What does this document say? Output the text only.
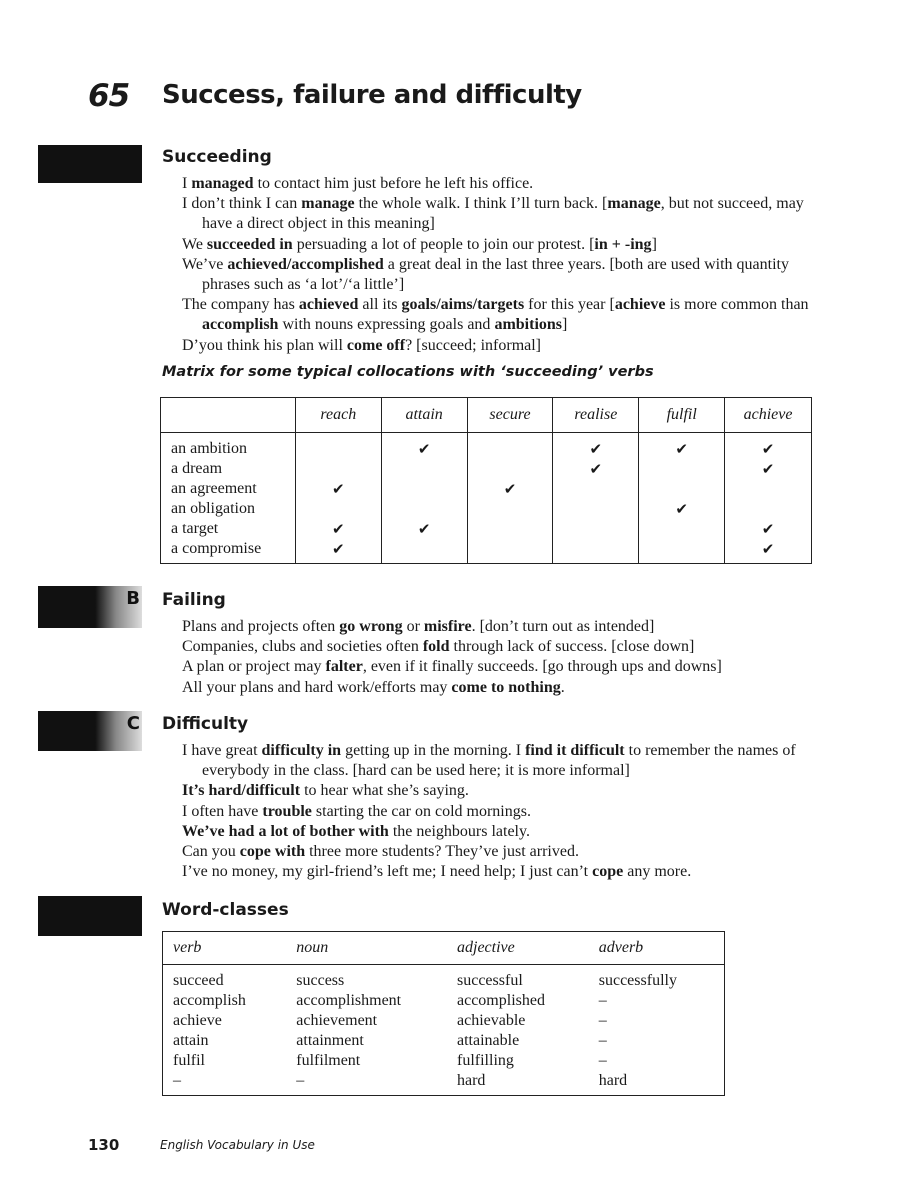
65 Success, failure and difficulty
Succeeding

I managed to contact him just before he left his office.

I don’t think I can manage the whole walk. I think I’ll turn back. [manage, but not succeed, may have a direct object in this meaning]

We succeeded in persuading a lot of people to join our protest. [in + -ing]

We’ve achieved/accomplished a great deal in the last three years. [both are used with quantity phrases such as ‘a lot’/‘a little’]

The company has achieved all its goals/aims/targets for this year [achieve is more common than accomplish with nouns expressing goals and ambitions]

D’you think his plan will come off? [succeed; informal]

Matrix for some typical collocations with ‘succeeding’ verbs
	reach	attain	secure	realise	fulfil	achieve
an ambition		✔		✔	✔	✔
a dream				✔		✔
an agreement	✔		✔			
an obligation					✔	
a target	✔	✔				✔
a compromise	✔					✔
B Failing

Plans and projects often go wrong or misfire. [don’t turn out as intended]

Companies, clubs and societies often fold through lack of success. [close down]

A plan or project may falter, even if it finally succeeds. [go through ups and downs]

All your plans and hard work/efforts may come to nothing.

C Difficulty

I have great difficulty in getting up in the morning. I find it difficult to remember the names of everybody in the class. [hard can be used here; it is more informal]

It’s hard/difficult to hear what she’s saying.

I often have trouble starting the car on cold mornings.

We’ve had a lot of bother with the neighbours lately.

Can you cope with three more students? They’ve just arrived.

I’ve no money, my girl-friend’s left me; I need help; I just can’t cope any more.

Word-classes
verb	noun	adjective	adverb
succeed	success	successful	successfully
accomplish	accomplishment	accomplished	–
achieve	achievement	achievable	–
attain	attainment	attainable	–
fulfil	fulfilment	fulfilling	–
–	–	hard	hard
130	English Vocabulary in Use
